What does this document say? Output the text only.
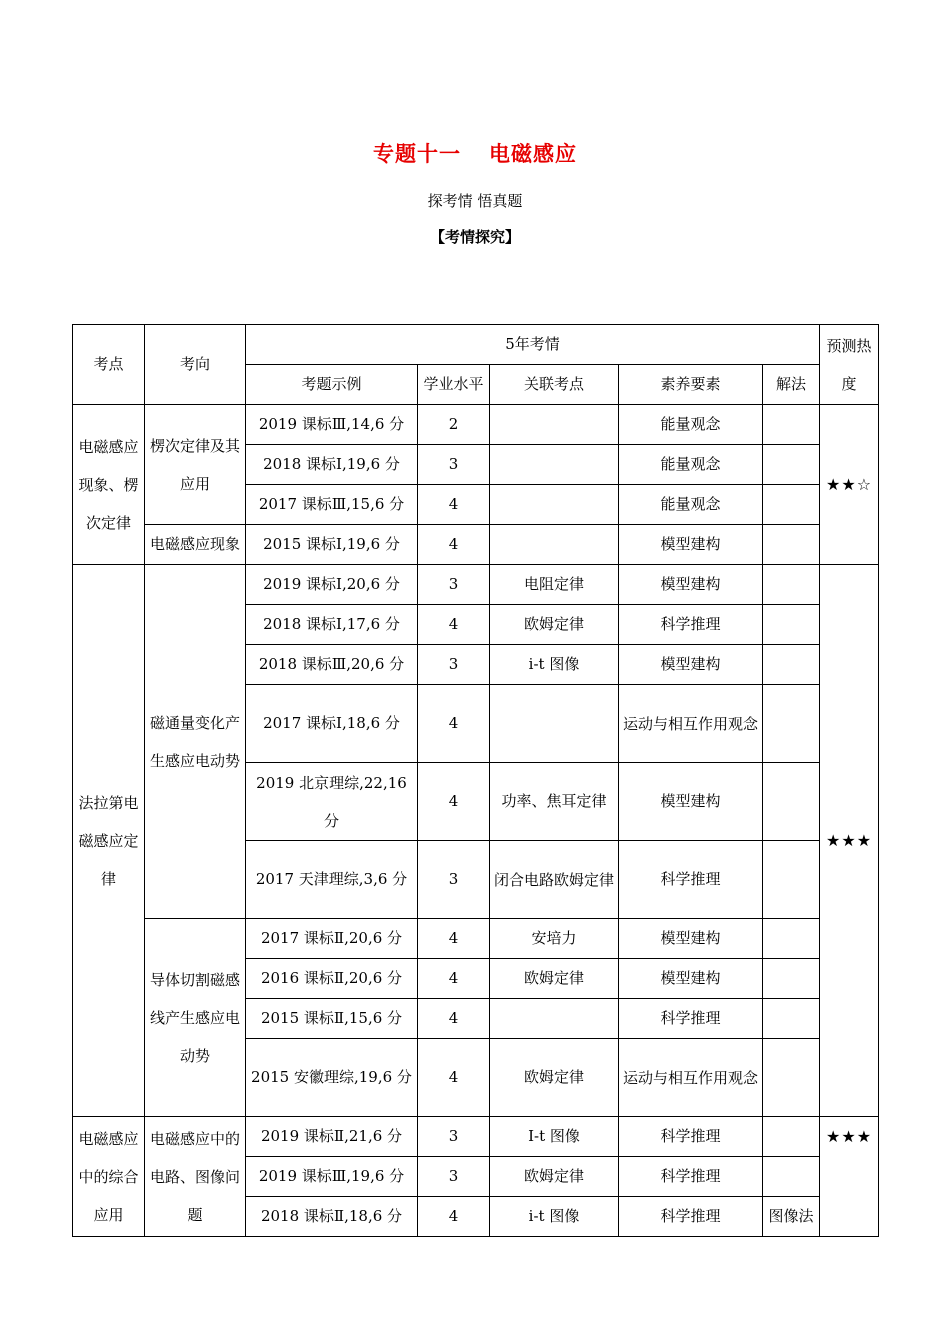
专题十一 电磁感应
探考情 悟真题
【考情探究】
考点	考向	5年考情					预测热度
		考题示例	学业水平	关联考点	素养要素	解法	
电磁感应现象、楞次定律	楞次定律及其应用	2019 课标Ⅲ,14,6 分	2		能量观念		★★☆
		2018 课标Ⅰ,19,6 分	3		能量观念		
		2017 课标Ⅲ,15,6 分	4		能量观念		
	电磁感应现象	2015 课标Ⅰ,19,6 分	4		模型建构		
法拉第电磁感应定律	磁通量变化产生感应电动势	2019 课标Ⅰ,20,6 分	3	电阻定律	模型建构		★★★
		2018 课标Ⅰ,17,6 分	4	欧姆定律	科学推理		
		2018 课标Ⅲ,20,6 分	3	i-t 图像	模型建构		
		2017 课标Ⅰ,18,6 分	4		运动与相互作用观念		
		2019 北京理综,22,16 分	4	功率、焦耳定律	模型建构		
		2017 天津理综,3,6 分	3	闭合电路欧姆定律	科学推理		
	导体切割磁感线产生感应电动势	2017 课标Ⅱ,20,6 分	4	安培力	模型建构		
		2016 课标Ⅱ,20,6 分	4	欧姆定律	模型建构		
		2015 课标Ⅱ,15,6 分	4		科学推理		
		2015 安徽理综,19,6 分	4	欧姆定律	运动与相互作用观念		
电磁感应中的综合应用	电磁感应中的电路、图像问题	2019 课标Ⅱ,21,6 分	3	I-t 图像	科学推理		★★★
		2019 课标Ⅲ,19,6 分	3	欧姆定律	科学推理		
		2018 课标Ⅱ,18,6 分	4	i-t 图像	科学推理	图像法	
